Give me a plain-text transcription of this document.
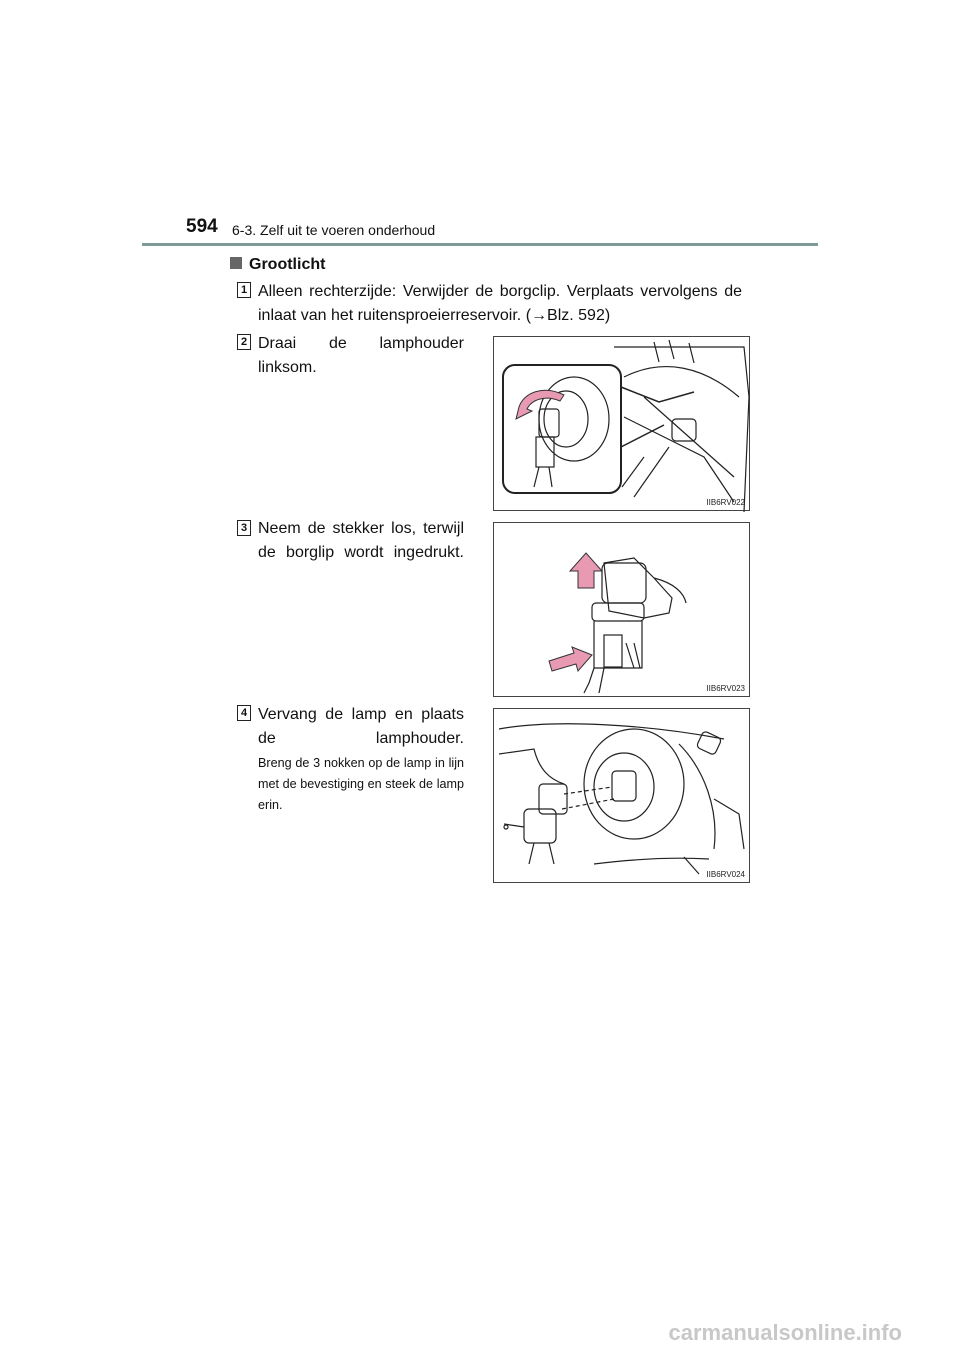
594 6-3. Zelf uit te voeren onderhoud
Grootlicht
1 Alleen rechterzijde: Verwijder de borgclip. Verplaats vervolgens de inlaat van het ruitensproeierreservoir. (→Blz. 592)
2 Draai de lamphouder linksom.
IIB6RV022
3 Neem de stekker los, terwijl de borglip wordt ingedrukt.
IIB6RV023
4 Vervang de lamp en plaats de lamphouder.
Breng de 3 nokken op de lamp in lijn met de bevestiging en steek de lamp erin.
IIB6RV024
carmanualsonline.info
